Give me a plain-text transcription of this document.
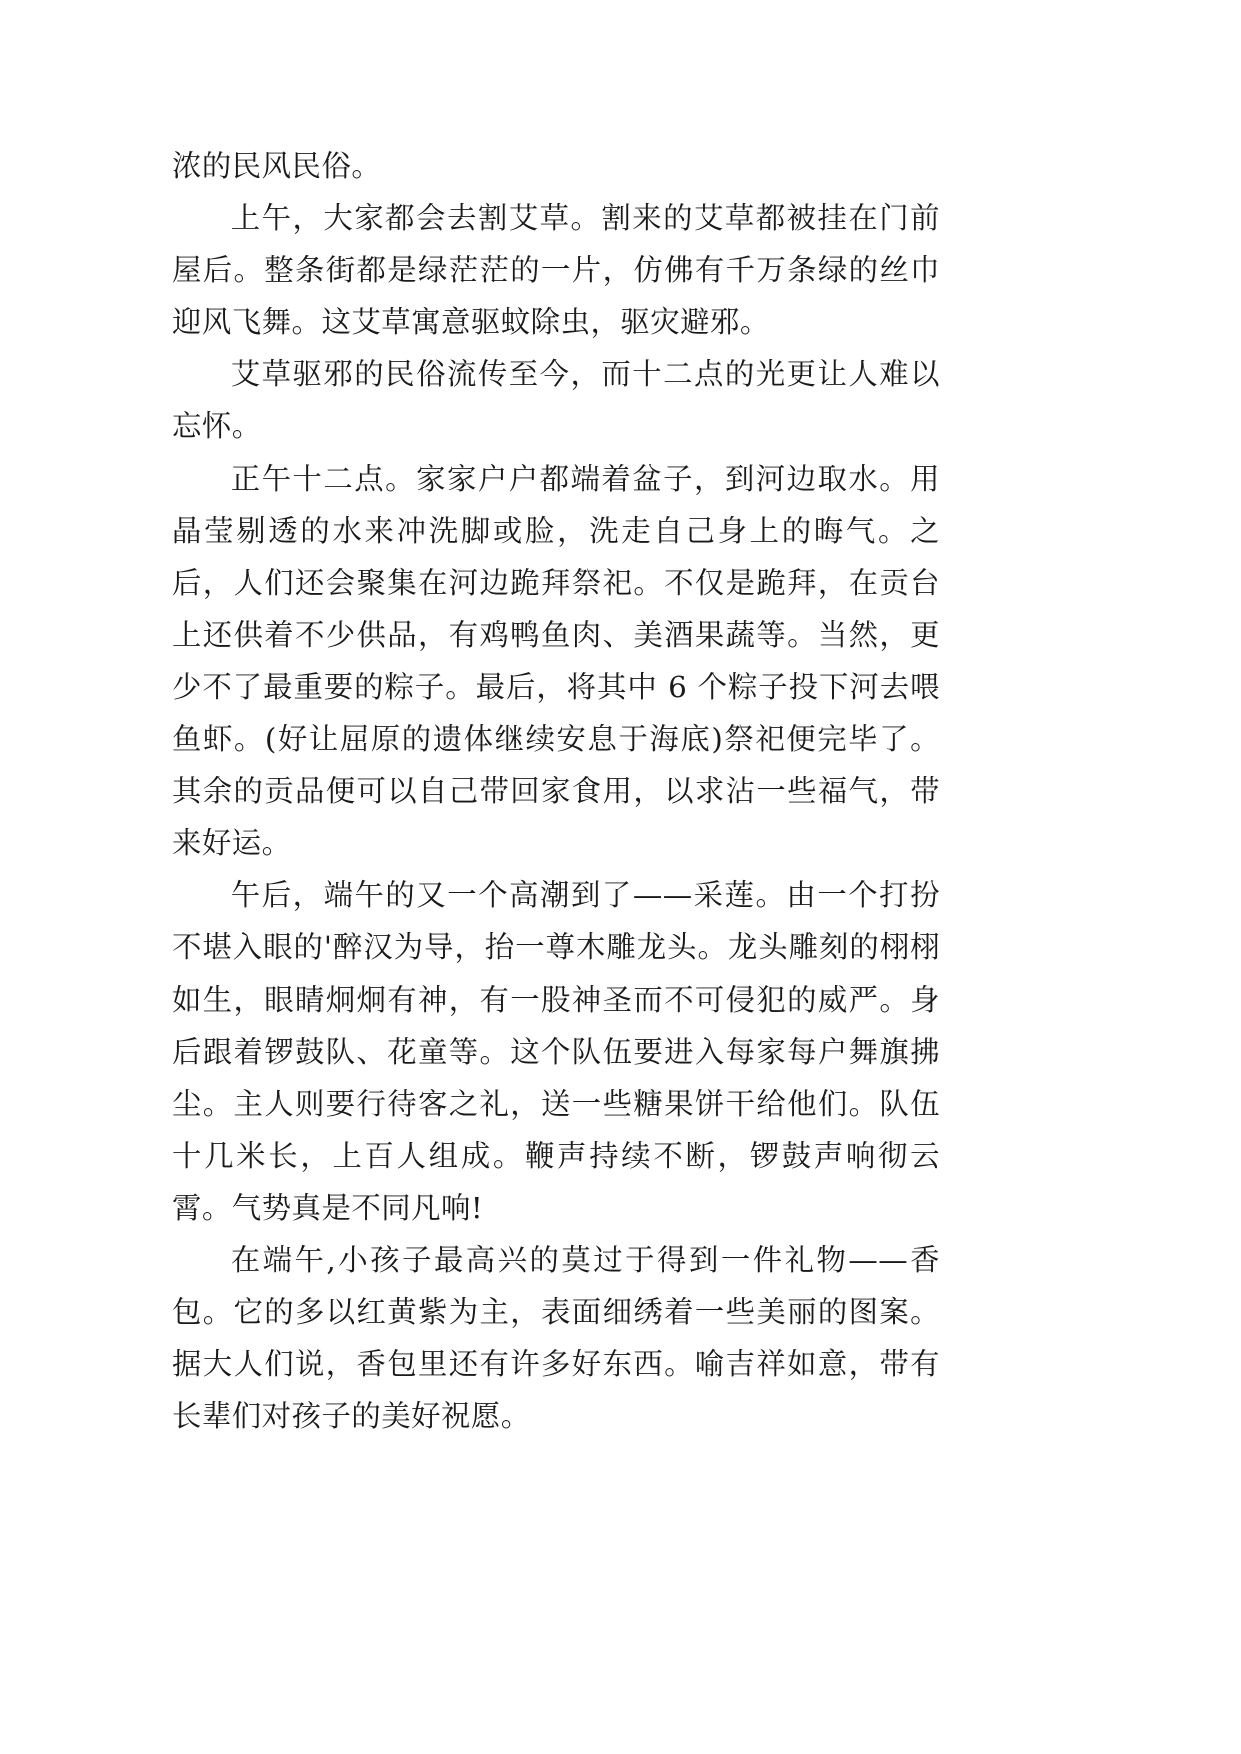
浓的民风民俗。

上午，大家都会去割艾草。割来的艾草都被挂在门前屋后。整条街都是绿茫茫的一片，仿佛有千万条绿的丝巾迎风飞舞。这艾草寓意驱蚊除虫，驱灾避邪。

艾草驱邪的民俗流传至今，而十二点的光更让人难以忘怀。

正午十二点。家家户户都端着盆子，到河边取水。用晶莹剔透的水来冲洗脚或脸，洗走自己身上的晦气。之后，人们还会聚集在河边跪拜祭祀。不仅是跪拜，在贡台上还供着不少供品，有鸡鸭鱼肉、美酒果蔬等。当然，更少不了最重要的粽子。最后，将其中 6 个粽子投下河去喂鱼虾。(好让屈原的遗体继续安息于海底)祭祀便完毕了。其余的贡品便可以自己带回家食用，以求沾一些福气，带来好运。

午后，端午的又一个高潮到了——采莲。由一个打扮不堪入眼的'醉汉为导，抬一尊木雕龙头。龙头雕刻的栩栩如生，眼睛炯炯有神，有一股神圣而不可侵犯的威严。身后跟着锣鼓队、花童等。这个队伍要进入每家每户舞旗拂尘。主人则要行待客之礼，送一些糖果饼干给他们。队伍十几米长，上百人组成。鞭声持续不断，锣鼓声响彻云霄。气势真是不同凡响!

在端午,小孩子最高兴的莫过于得到一件礼物——香包。它的多以红黄紫为主，表面细绣着一些美丽的图案。据大人们说，香包里还有许多好东西。喻吉祥如意，带有长辈们对孩子的美好祝愿。
